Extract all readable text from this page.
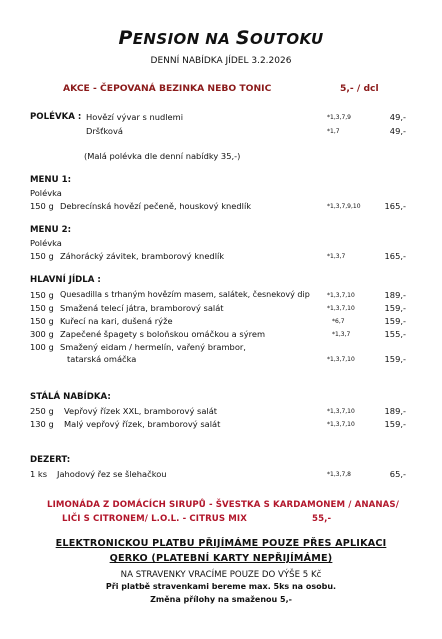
PENSION NA SOUTOKU
DENNÍ NABÍDKA JÍDEL 3.2.2026
AKCE - ČEPOVANÁ BEZINKA NEBO TONIC	5,- / dcl
POLÉVKA : Hovězí vývar s nudlemi	*1,3,7,9	49,-
Dršťková	*1,7	49,-
(Malá polévka dle denní nabídky 35,-)
MENU 1:
Polévka
150 g Debrecínská hovězí pečeně, houskový knedlík	*1,3,7,9,10	165,-
MENU 2:
Polévka
150 g Záhorácký závitek, bramborový knedlík	*1,3,7	165,-
HLAVNÍ JÍDLA :
150 g Quesadilla s trhaným hovězím masem, salátek, česnekový dip	*1,3,7,10	189,-
150 g Smažená telecí játra, bramborový salát	*1,3,7,10	159,-
150 g Kuřecí na kari, dušená rýže	*6,7	159,-
300 g Zapečené špagety s boloňskou omáčkou a sýrem	*1,3,7	155,-
100 g Smažený eidam / hermelín, vařený brambor,
tatarská omáčka	*1,3,7,10	159,-
STÁLÁ NABÍDKA:
250 g Vepřový řízek XXL, bramborový salát	*1,3,7,10	189,-
130 g Malý vepřový řízek, bramborový salát	*1,3,7,10	159,-
DEZERT:
1 ks Jahodový řez se šlehačkou	*1,3,7,8	65,-
LIMONÁDA Z DOMÁCÍCH SIRUPŮ - ŠVESTKA S KARDAMONEM / ANANAS/
LIČI S CITRONEM/ L.O.L. - CITRUS MIX	55,-
ELEKTRONICKOU PLATBU PŘIJÍMÁME POUZE PŘES APLIKACI
QERKO (PLATEBNÍ KARTY NEPŘIJÍMÁME)
NA STRAVENKY VRACÍME POUZE DO VÝŠE 5 Kč
Při platbě stravenkami bereme max. 5ks na osobu.
Změna přílohy na smaženou 5,-
